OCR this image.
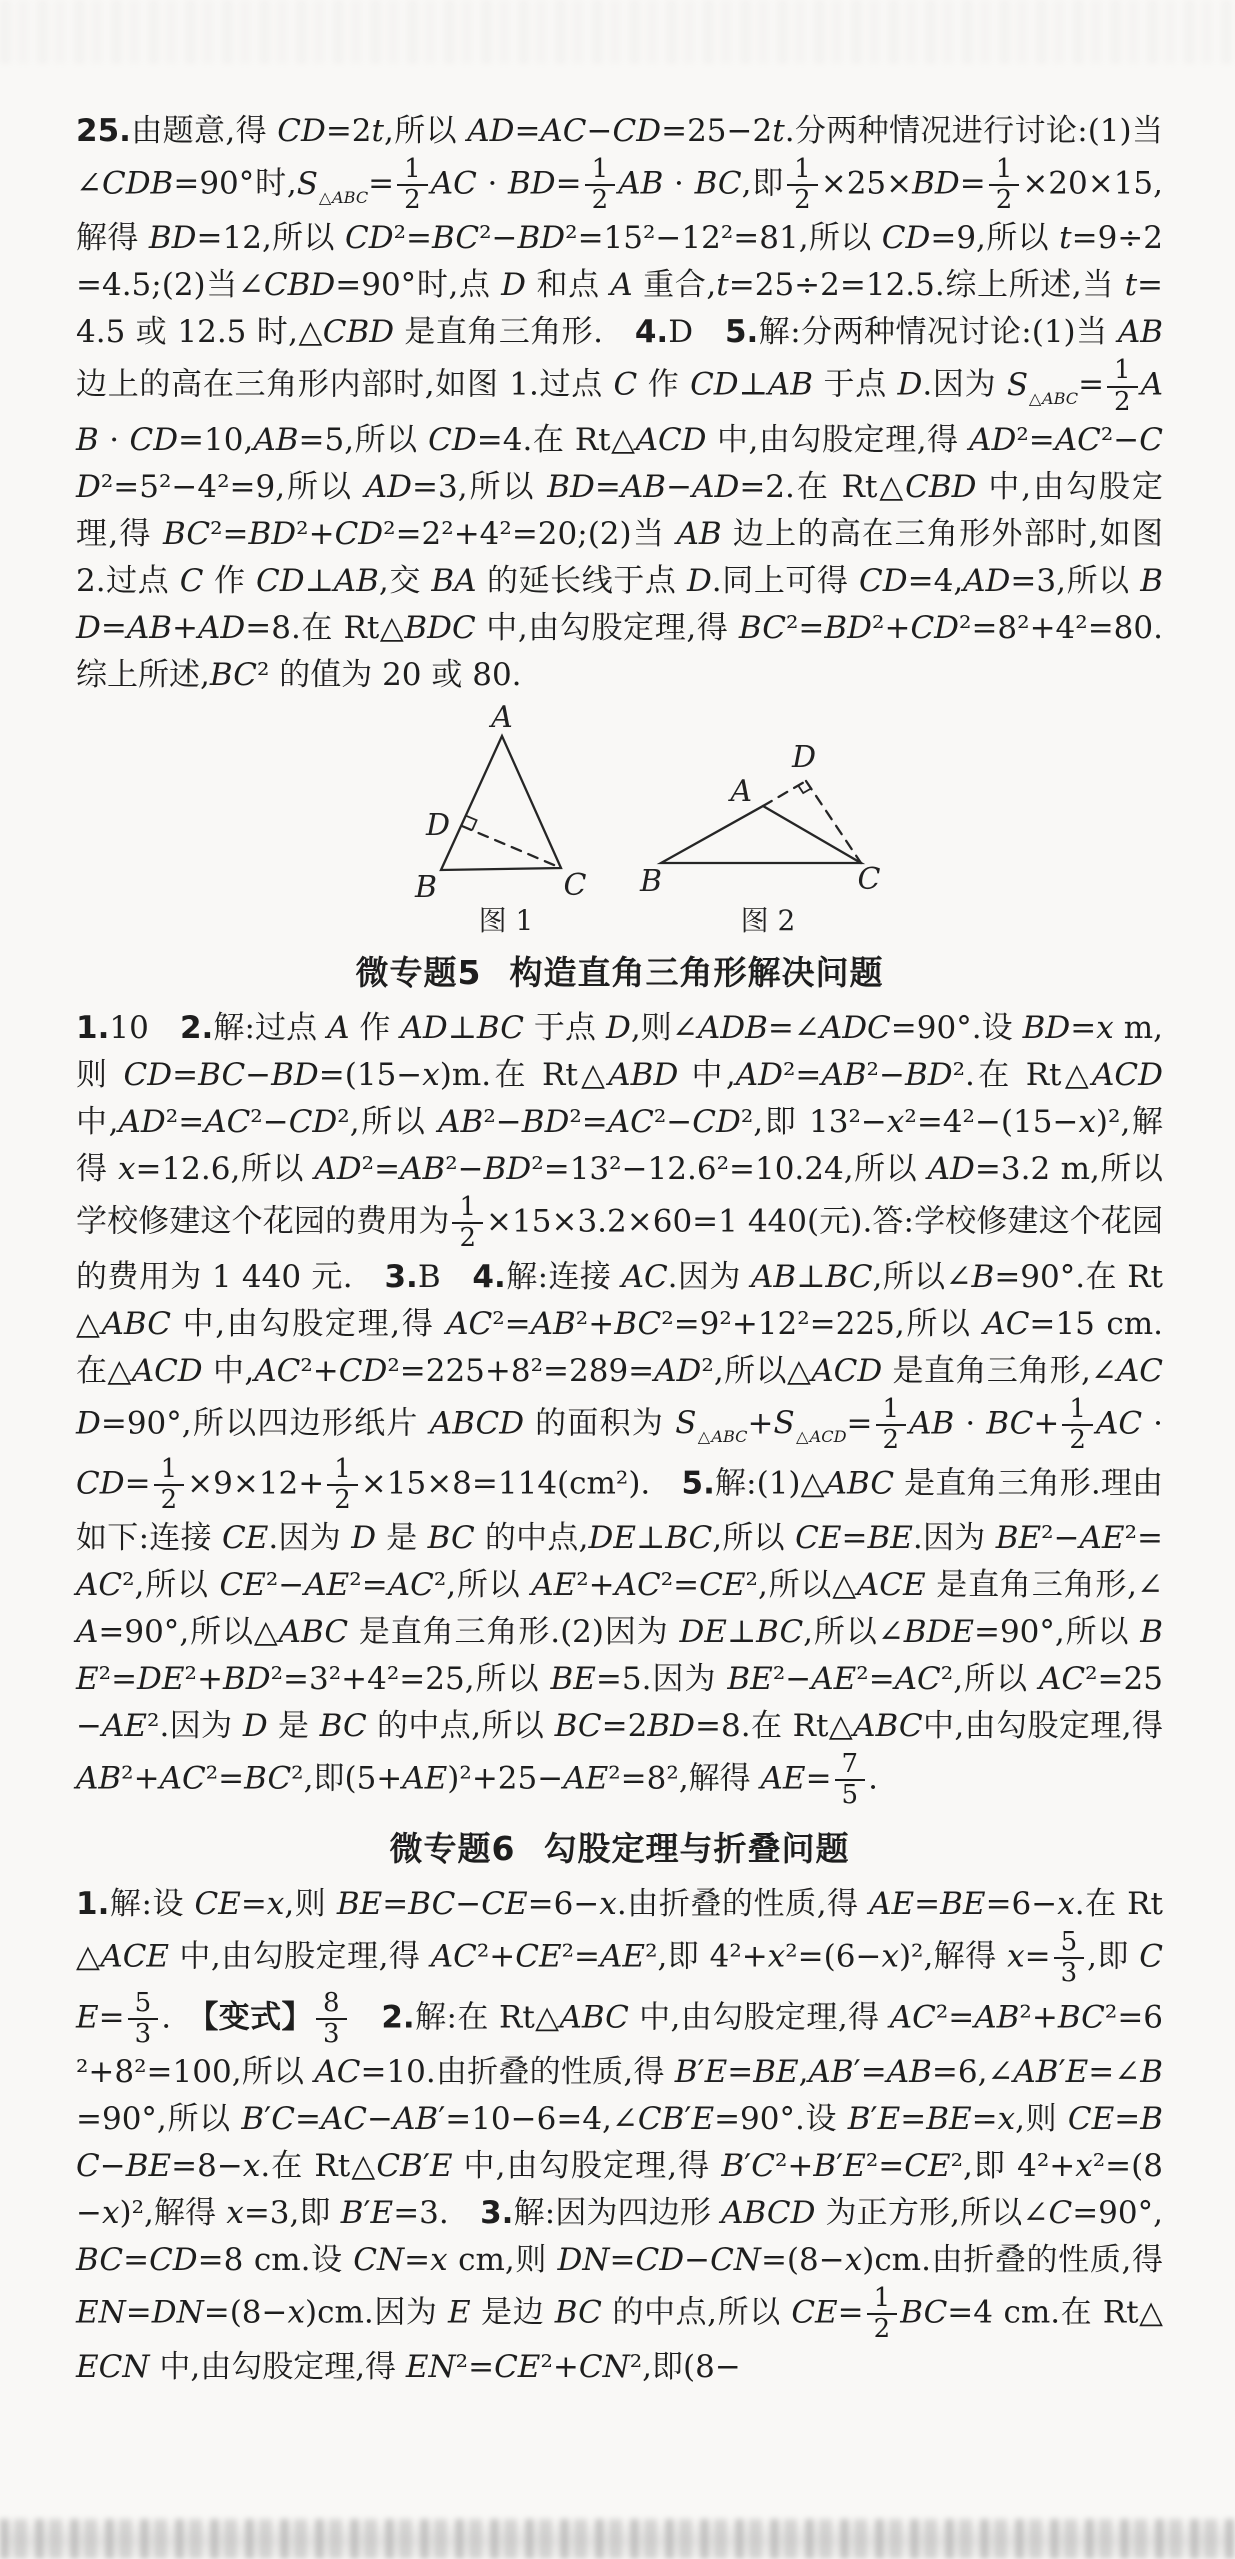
25.由题意,得 CD=2t,所以 AD=AC−CD=25−2t.分两种情况进行讨论:(1)当∠CDB=90°时$,S_{\triangle ABC}= \frac{1}{2}$ AC · $BD= \frac{1}{2}$ AB · BC,即 $\frac{1}{2} \times 25\times BD= \frac{1}{2} \times 20\times 15$,解得 BD=12,所以 CD²=BC²−BD²=15²−12²=81,所以 CD=9,所以 t=9÷2=4.5;(2)当∠CBD=90°时,点 D 和点 A 重合,t=25÷2=12.5.综上所述,当 t=4.5 或 12.5 时,△CBD 是直角三角形.　4.D　5.解:分两种情况讨论:(1)当 AB 边上的高在三角形内部时,如图 1.过点 C 作 CD⊥AB 于点 D.因为 $S_{\triangle ABC}= \frac{1}{2}$ AB · CD=10,AB=5,所以 CD=4.在 Rt△ACD 中,由勾股定理,得 AD²=AC²−CD²=5²−4²=9,所以 AD=3,所以 BD=AB−AD=2.在 Rt△CBD 中,由勾股定理,得 BC²=BD²+CD²=2²+4²=20;(2)当 AB 边上的高在三角形外部时,如图 2.过点 C 作 CD⊥AB,交 BA 的延长线于点 D.同上可得 CD=4,AD=3,所以 BD=AB+AD=8.在 Rt△BDC 中,由勾股定理,得 BC²=BD²+CD²=8²+4²=80.综上所述,BC² 的值为 20 或 80.

A
B	C
D
图 1
A
B	C
D
图 2
微专题5 构造直角三角形解决问题

1.10　2.解:过点 A 作 AD⊥BC 于点 D,则∠ADB=∠ADC=90°.设 BD=x m,则 CD=BC−BD=(15−x)m.在 Rt△ABD 中,AD²=AB²−BD².在 Rt△ACD 中,AD²=AC²−CD²,所以 AB²−BD²=AC²−CD²,即 13²−x²=4²−(15−x)²,解得 x=12.6,所以 AD²=AB²−BD²=13²−12.6²=10.24,所以 AD=3.2 m,所以学校修建这个花园的费用为 $\frac{1}{2} \times 15\times 3.2\times 60=1$ 440(元).答:学校修建这个花园的费用为 1 440 元.　3.B　4.解:连接 AC.因为 AB⊥BC,所以∠B=90°.在 Rt△ABC 中,由勾股定理,得 AC²=AB²+BC²=9²+12²=225,所以 AC=15 cm.在△ACD 中,AC²+CD²=225+8²=289=AD²,所以△ACD 是直角三角形,∠ACD=90°,所以四边形纸片 ABCD 的面积为 $S_{\triangle ABC}+S_{\triangle ACD}= \frac{1}{2}$ AB · $BC+ \frac{1}{2}$ AC · $CD= \frac{1}{2} \times 9\times 12+ \frac{1}{2} \times 15\times 8=114(cm^2)$.　5.解:(1)△ABC 是直角三角形.理由如下:连接 CE.因为 D 是 BC 的中点,DE⊥BC,所以 CE=BE.因为 BE²−AE²=AC²,所以 CE²−AE²=AC²,所以 AE²+AC²=CE²,所以△ACE 是直角三角形,∠A=90°,所以△ABC 是直角三角形.(2)因为 DE⊥BC,所以∠BDE=90°,所以 BE²=DE²+BD²=3²+4²=25,所以 BE=5.因为 BE²−AE²=AC²,所以 AC²=25−AE².因为 D 是 BC 的中点,所以 BC=2BD=8.在 Rt△ABC中,由勾股定理,得 AB²+AC²=BC²,即(5+AE)²+25−AE²=8²,解得 $AE= \frac{7}{5}$ .

微专题6 勾股定理与折叠问题

1.解:设 CE=x,则 BE=BC−CE=6−x.由折叠的性质,得 AE=BE=6−x.在 Rt△ACE 中,由勾股定理,得 AC²+CE²=AE²,即 4²+x²=(6−x)²,解得 $x= \frac{5}{3}$ ,即 $CE= \frac{5}{3}$ .　【变式】 $\frac{8}{3}$
　 2.解:在 Rt△ABC 中,由勾股定理,得 AC²=AB²+BC²=6²+8²=100,所以 AC=10.由折叠的性质,得 B′E=BE,AB′=AB=6,∠AB′E=∠B=90°,所以 B′C=AC−AB′=10−6=4,∠CB′E=90°.设 B′E=BE=x,则 CE=BC−BE=8−x.在 Rt△CB′E 中,由勾股定理,得 B′C²+B′E²=CE²,即 4²+x²=(8−x)²,解得 x=3,即 B′E=3.　3.解:因为四边形 ABCD 为正方形,所以∠C=90°,BC=CD=8 cm.设 CN=x cm,则 DN=CD−CN=(8−x)cm.由折叠的性质,得 EN=DN=(8−x)cm.因为 E 是边 BC 的中点,所以 $CE= \frac{1}{2} BC=4$ cm.在 Rt△ECN 中,由勾股定理,得 EN²=CE²+CN²,即(8−
